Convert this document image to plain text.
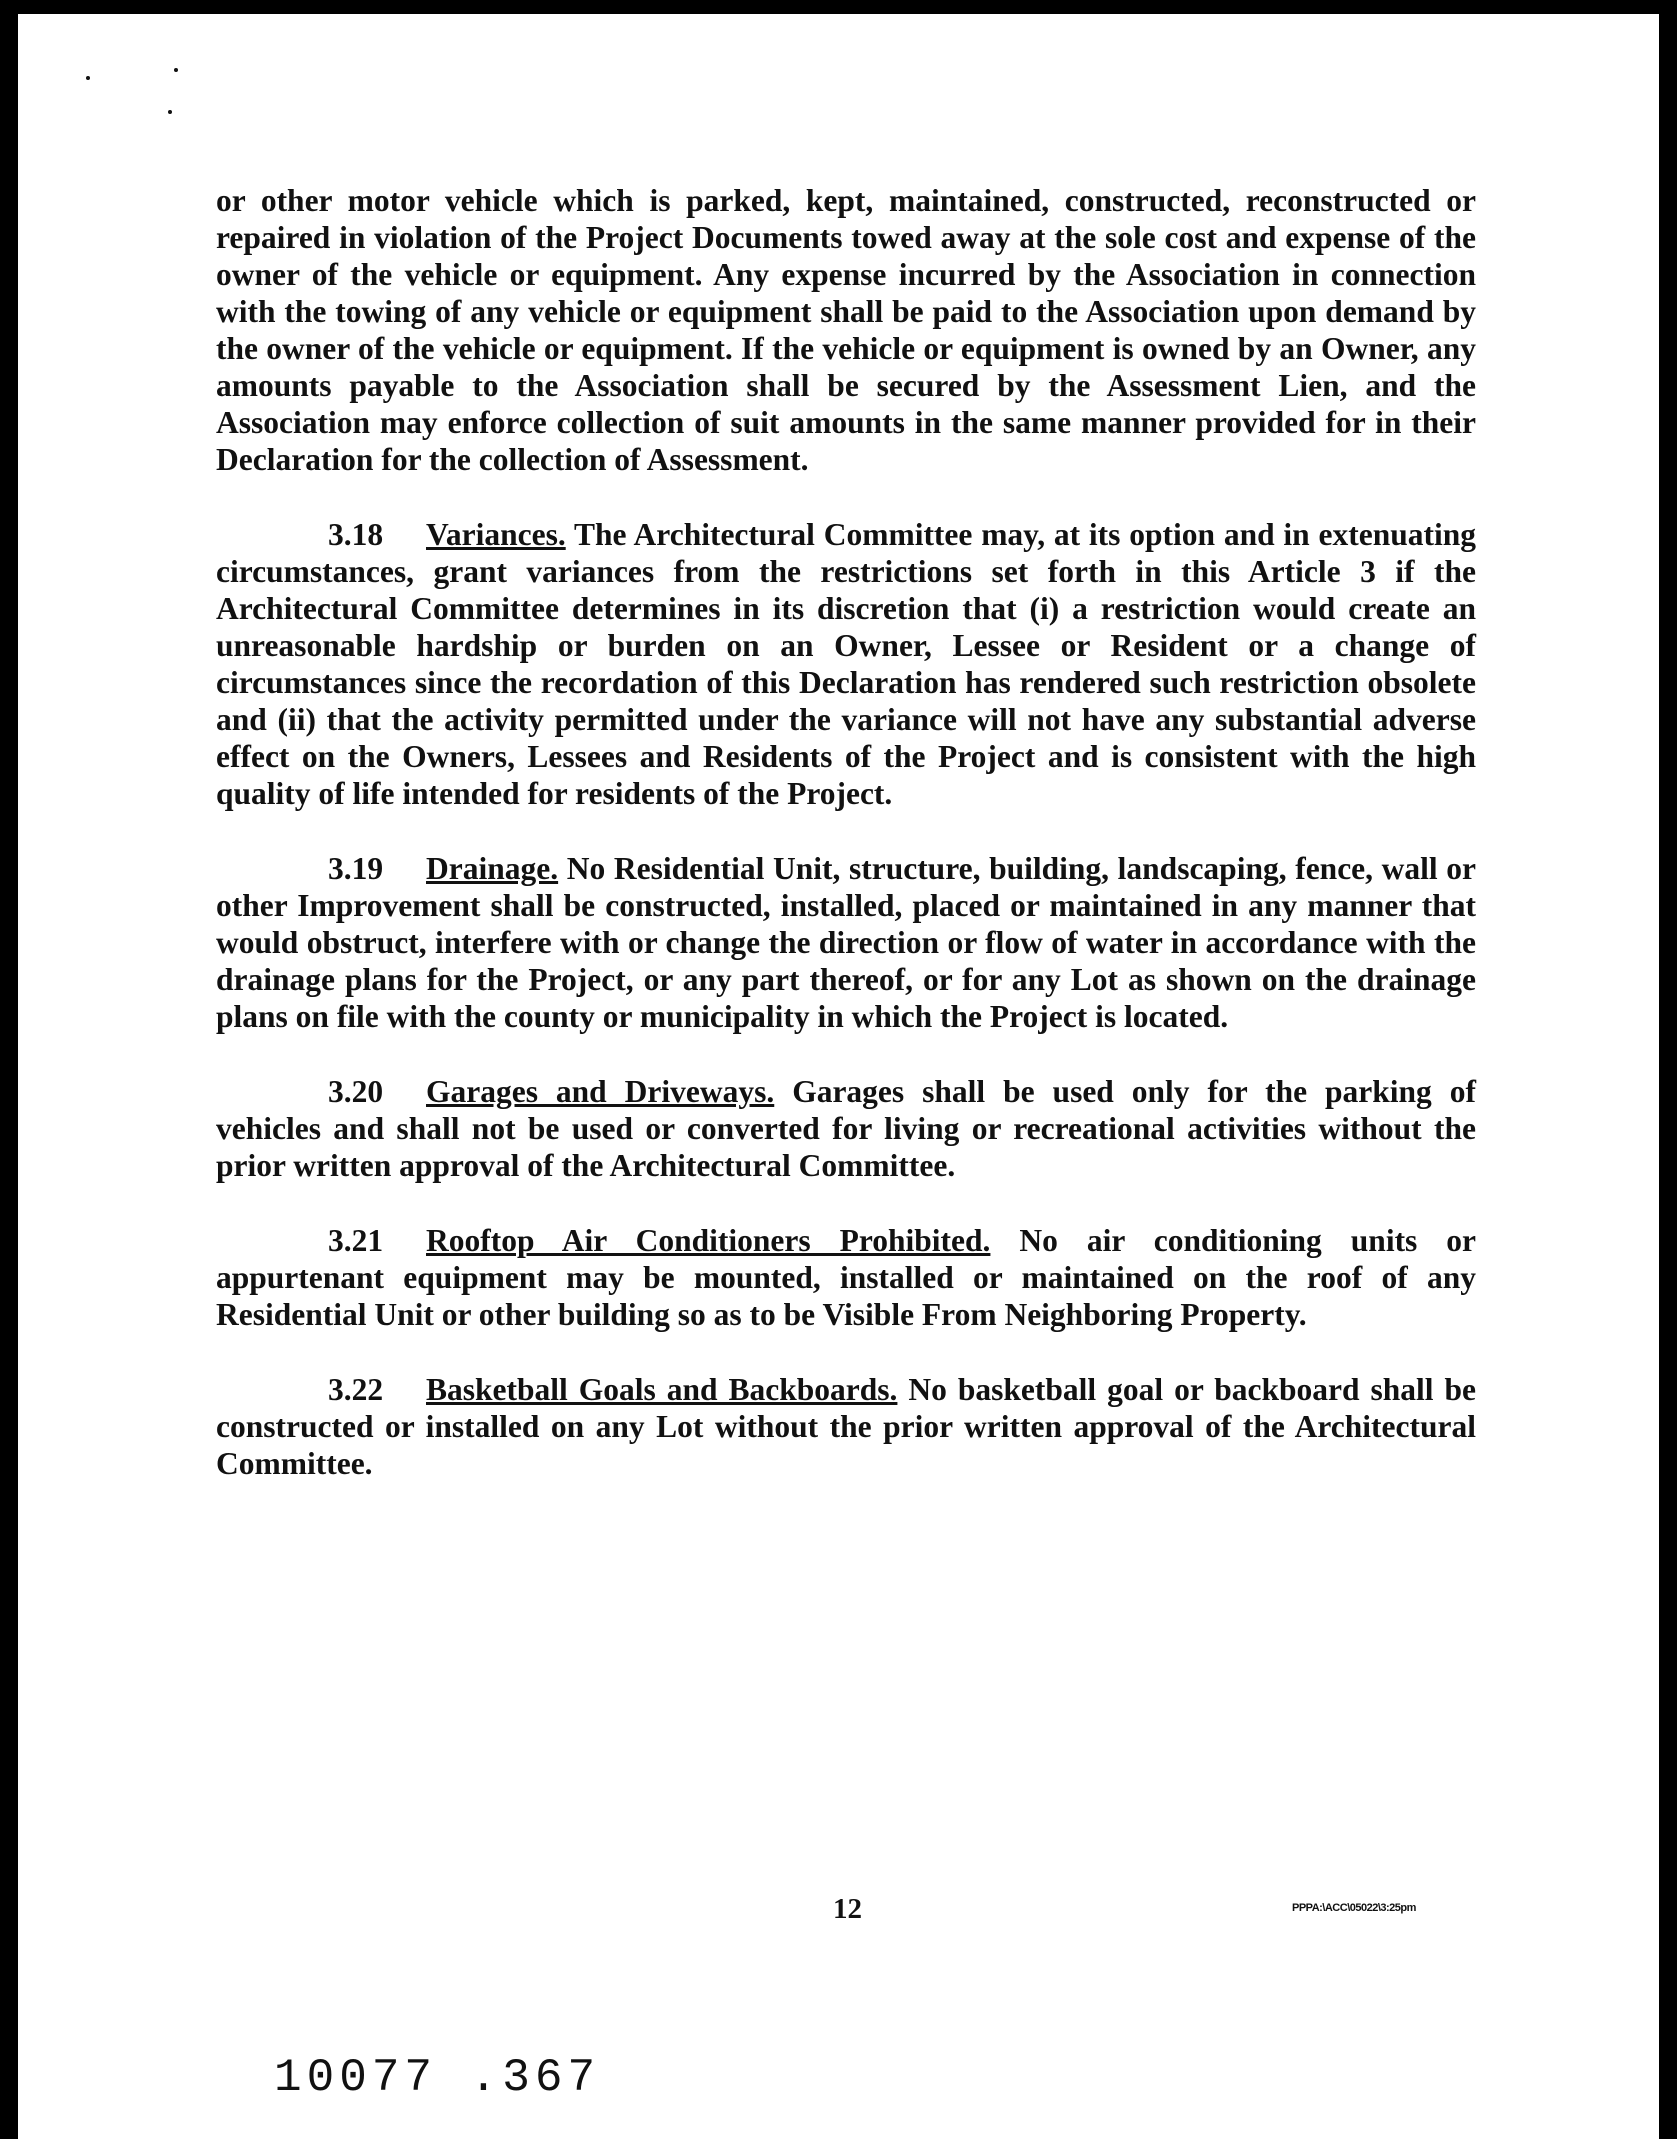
or other motor vehicle which is parked, kept, maintained, constructed, reconstructed or repaired in violation of the Project Documents towed away at the sole cost and expense of the owner of the vehicle or equipment. Any expense incurred by the Association in connection with the towing of any vehicle or equipment shall be paid to the Association upon demand by the owner of the vehicle or equipment. If the vehicle or equipment is owned by an Owner, any amounts payable to the Association shall be secured by the Assessment Lien, and the Association may enforce collection of suit amounts in the same manner provided for in their Declaration for the collection of Assessment.

3.18 Variances. The Architectural Committee may, at its option and in extenuating circumstances, grant variances from the restrictions set forth in this Article 3 if the Architectural Committee determines in its discretion that (i) a restriction would create an unreasonable hardship or burden on an Owner, Lessee or Resident or a change of circumstances since the recordation of this Declaration has rendered such restriction obsolete and (ii) that the activity permitted under the variance will not have any substantial adverse effect on the Owners, Lessees and Residents of the Project and is consistent with the high quality of life intended for residents of the Project.

3.19 Drainage. No Residential Unit, structure, building, landscaping, fence, wall or other Improvement shall be constructed, installed, placed or maintained in any manner that would obstruct, interfere with or change the direction or flow of water in accordance with the drainage plans for the Project, or any part thereof, or for any Lot as shown on the drainage plans on file with the county or municipality in which the Project is located.

3.20 Garages and Driveways. Garages shall be used only for the parking of vehicles and shall not be used or converted for living or recreational activities without the prior written approval of the Architectural Committee.

3.21 Rooftop Air Conditioners Prohibited. No air conditioning units or appurtenant equipment may be mounted, installed or maintained on the roof of any Residential Unit or other building so as to be Visible From Neighboring Property.

3.22 Basketball Goals and Backboards. No basketball goal or backboard shall be constructed or installed on any Lot without the prior written approval of the Architectural Committee.

12	PPPA:\ACC\05022\3:25pm
10077 .367
